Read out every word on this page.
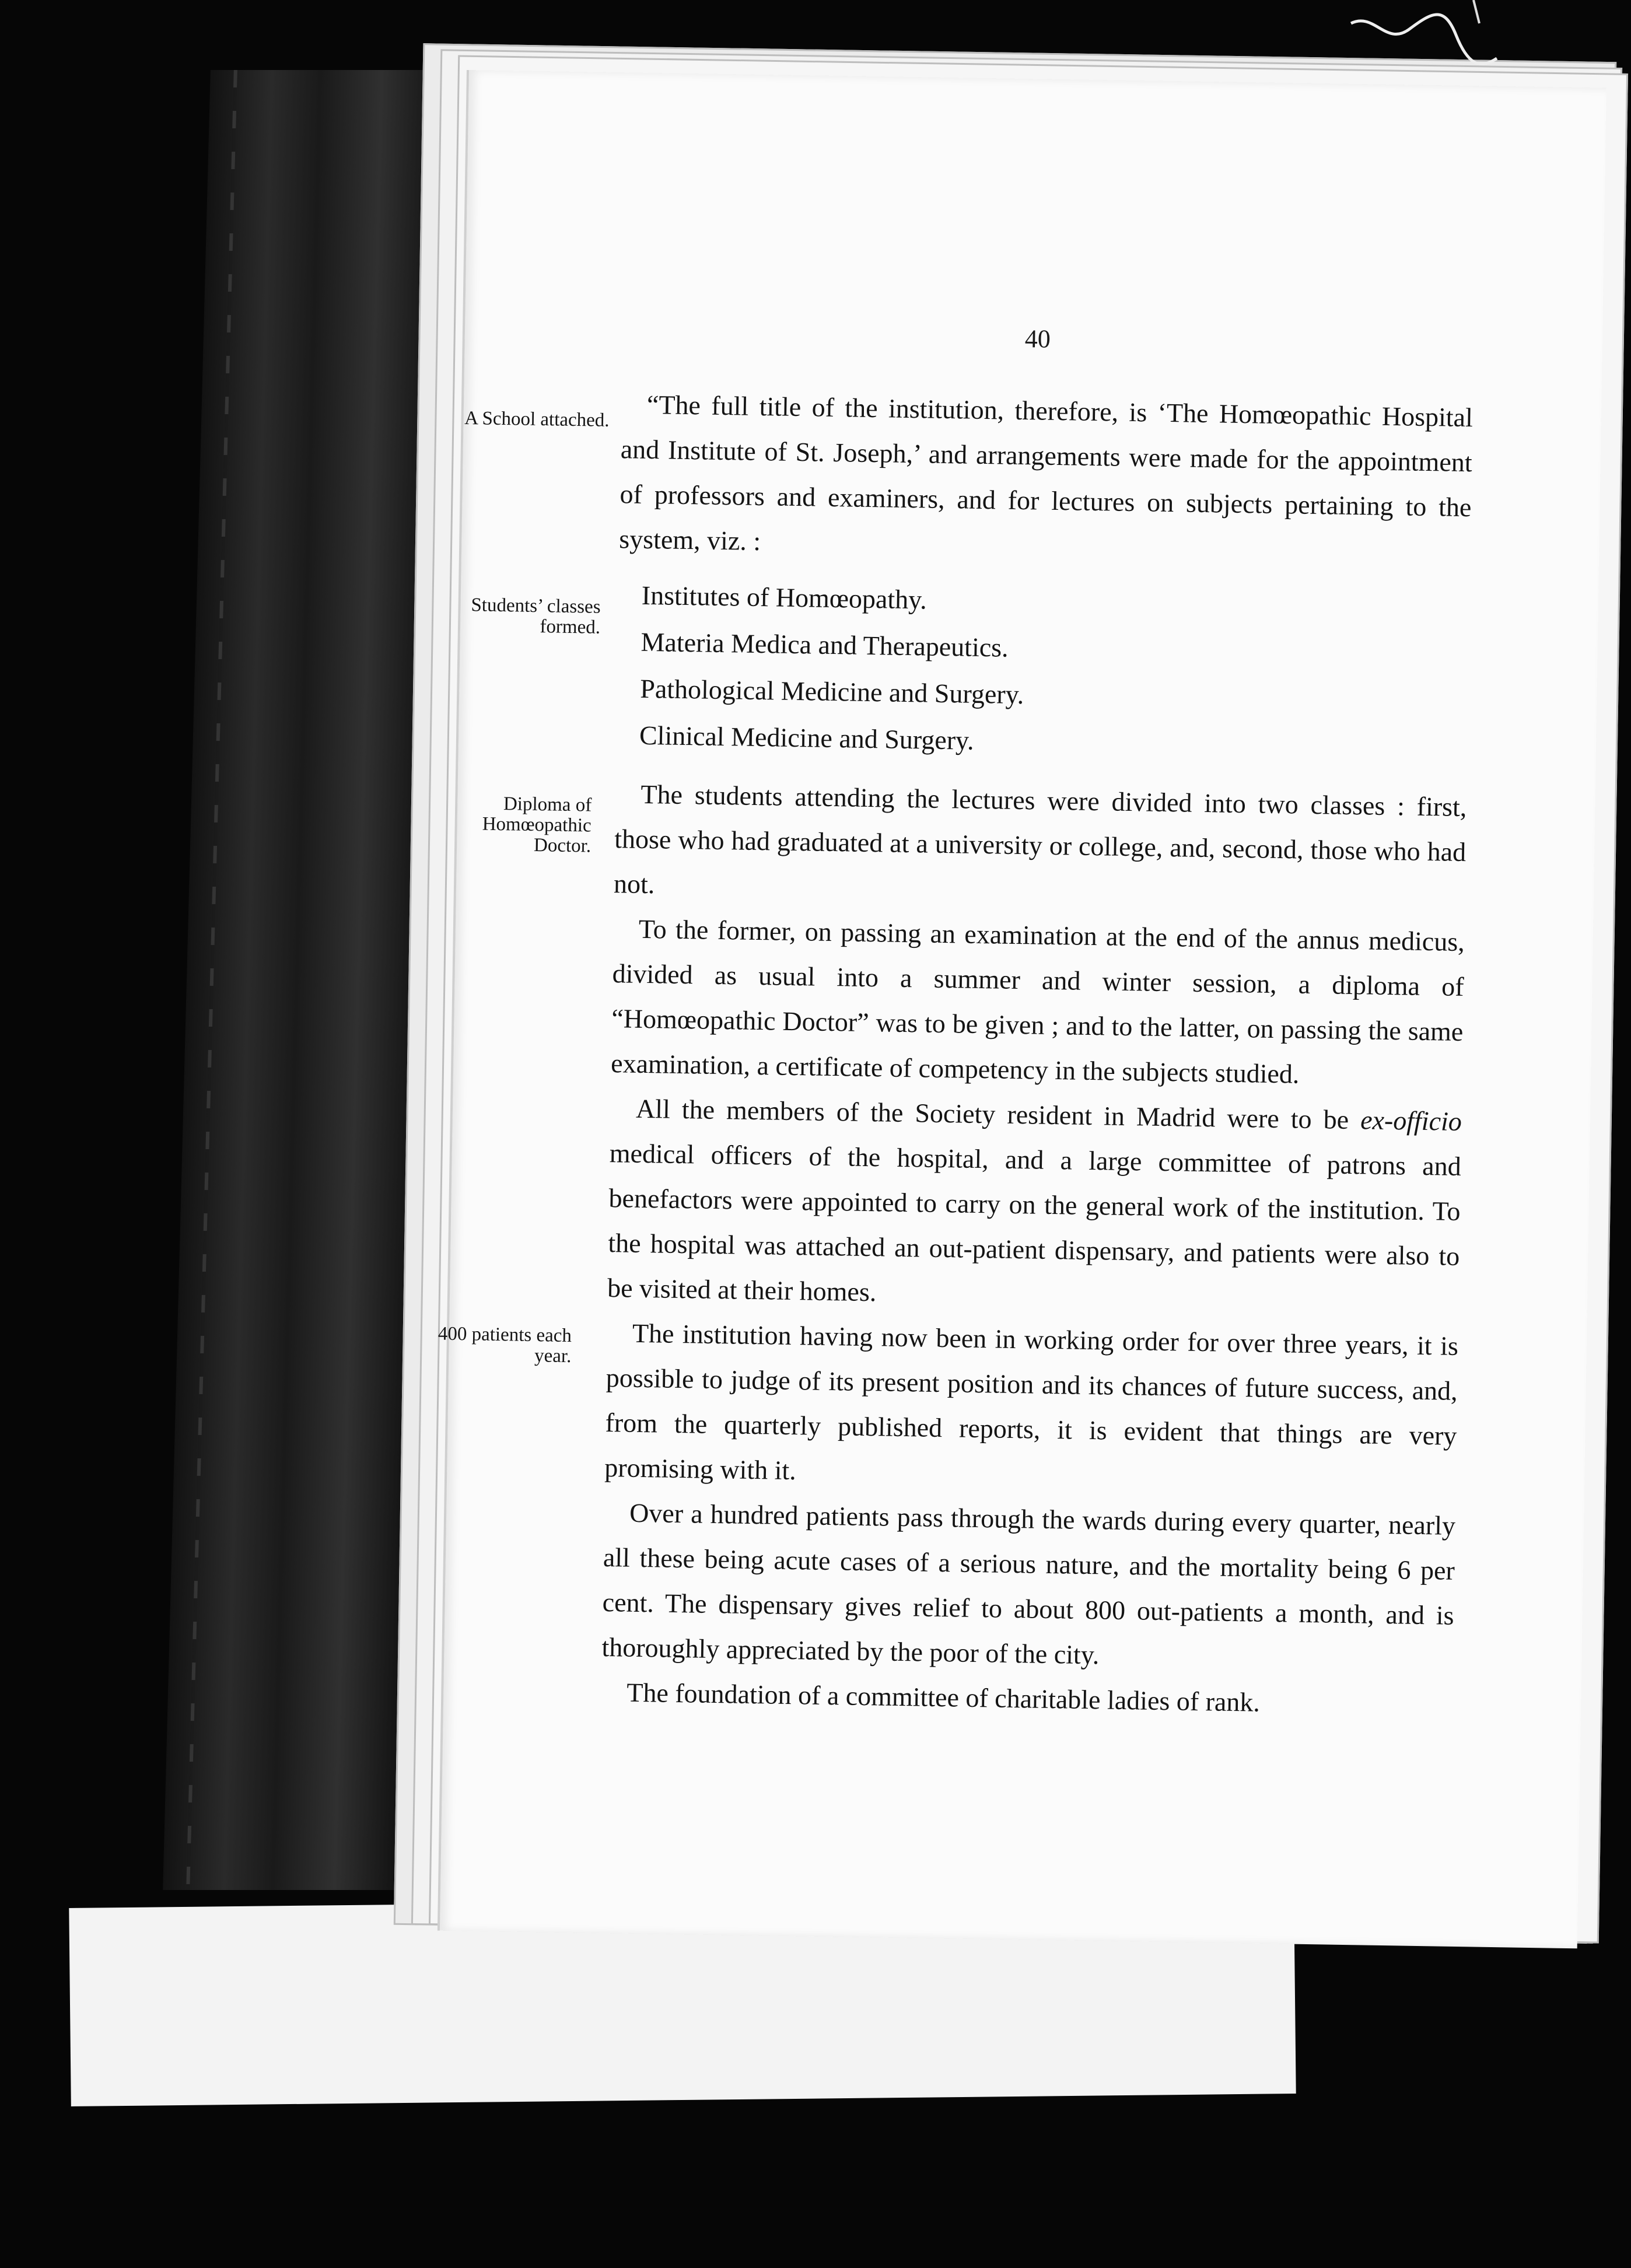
40
A School attached.
Students’ classes formed.
Diploma of Homœopathic Doctor.
400 patients each year.

“The full title of the institution, therefore, is ‘The Homœopathic Hospital and Institute of St. Joseph,’ and arrangements were made for the appointment of professors and examiners, and for lectures on subjects pertaining to the system, viz. :

Institutes of Homœopathy.
Materia Medica and Therapeutics.
Pathological Medicine and Surgery.
Clinical Medicine and Surgery.

The students attending the lectures were divided into two classes : first, those who had graduated at a university or college, and, second, those who had not.

To the former, on passing an examination at the end of the annus medicus, divided as usual into a summer and winter session, a diploma of “Homœopathic Doctor” was to be given ; and to the latter, on passing the same examination, a certificate of competency in the subjects studied.

All the members of the Society resident in Madrid were to be ex-officio medical officers of the hospital, and a large committee of patrons and benefactors were appointed to carry on the general work of the institution. To the hospital was attached an out-patient dispensary, and patients were also to be visited at their homes.

The institution having now been in working order for over three years, it is possible to judge of its present position and its chances of future success, and, from the quarterly published reports, it is evident that things are very promising with it.

Over a hundred patients pass through the wards during every quarter, nearly all these being acute cases of a serious nature, and the mortality being 6 per cent. The dispensary gives relief to about 800 out-patients a month, and is thoroughly appreciated by the poor of the city.

The foundation of a committee of charitable ladies of rank.
